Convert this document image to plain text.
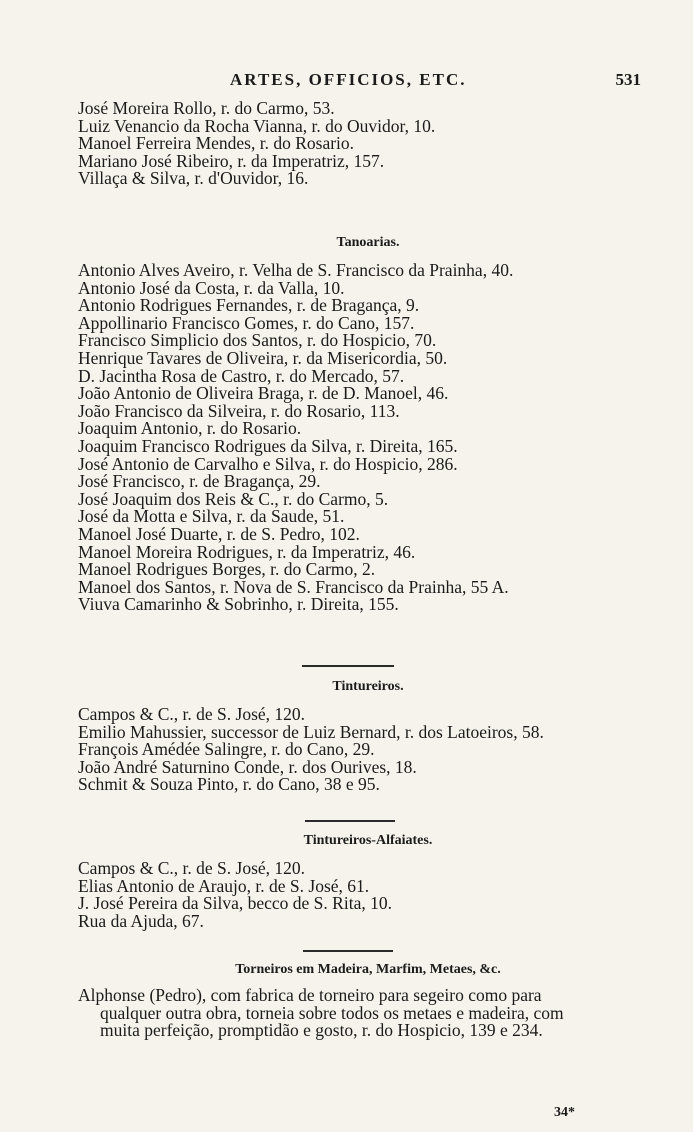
ARTES, OFFICIOS, ETC.	531
José Moreira Rollo, r. do Carmo, 53.
Luiz Venancio da Rocha Vianna, r. do Ouvidor, 10.
Manoel Ferreira Mendes, r. do Rosario.
Mariano José Ribeiro, r. da Imperatriz, 157.
Villaça & Silva, r. d'Ouvidor, 16.
Tanoarias.
Antonio Alves Aveiro, r. Velha de S. Francisco da Prainha, 40.
Antonio José da Costa, r. da Valla, 10.
Antonio Rodrigues Fernandes, r. de Bragança, 9.
Appollinario Francisco Gomes, r. do Cano, 157.
Francisco Simplicio dos Santos, r. do Hospicio, 70.
Henrique Tavares de Oliveira, r. da Misericordia, 50.
D. Jacintha Rosa de Castro, r. do Mercado, 57.
João Antonio de Oliveira Braga, r. de D. Manoel, 46.
João Francisco da Silveira, r. do Rosario, 113.
Joaquim Antonio, r. do Rosario.
Joaquim Francisco Rodrigues da Silva, r. Direita, 165.
José Antonio de Carvalho e Silva, r. do Hospicio, 286.
José Francisco, r. de Bragança, 29.
José Joaquim dos Reis & C., r. do Carmo, 5.
José da Motta e Silva, r. da Saude, 51.
Manoel José Duarte, r. de S. Pedro, 102.
Manoel Moreira Rodrigues, r. da Imperatriz, 46.
Manoel Rodrigues Borges, r. do Carmo, 2.
Manoel dos Santos, r. Nova de S. Francisco da Prainha, 55 A.
Viuva Camarinho & Sobrinho, r. Direita, 155.
Tintureiros.
Campos & C., r. de S. José, 120.
Emilio Mahussier, successor de Luiz Bernard, r. dos Latoeiros, 58.
François Amédée Salingre, r. do Cano, 29.
João André Saturnino Conde, r. dos Ourives, 18.
Schmit & Souza Pinto, r. do Cano, 38 e 95.
Tintureiros-Alfaiates.
Campos & C., r. de S. José, 120.
Elias Antonio de Araujo, r. de S. José, 61.
J. José Pereira da Silva, becco de S. Rita, 10.
Rua da Ajuda, 67.
Torneiros em Madeira, Marfim, Metaes, &c.
Alphonse (Pedro), com fabrica de torneiro para segeiro como para
qualquer outra obra, torneia sobre todos os metaes e madeira, com
muita perfeição, promptidão e gosto, r. do Hospicio, 139 e 234.
34*
